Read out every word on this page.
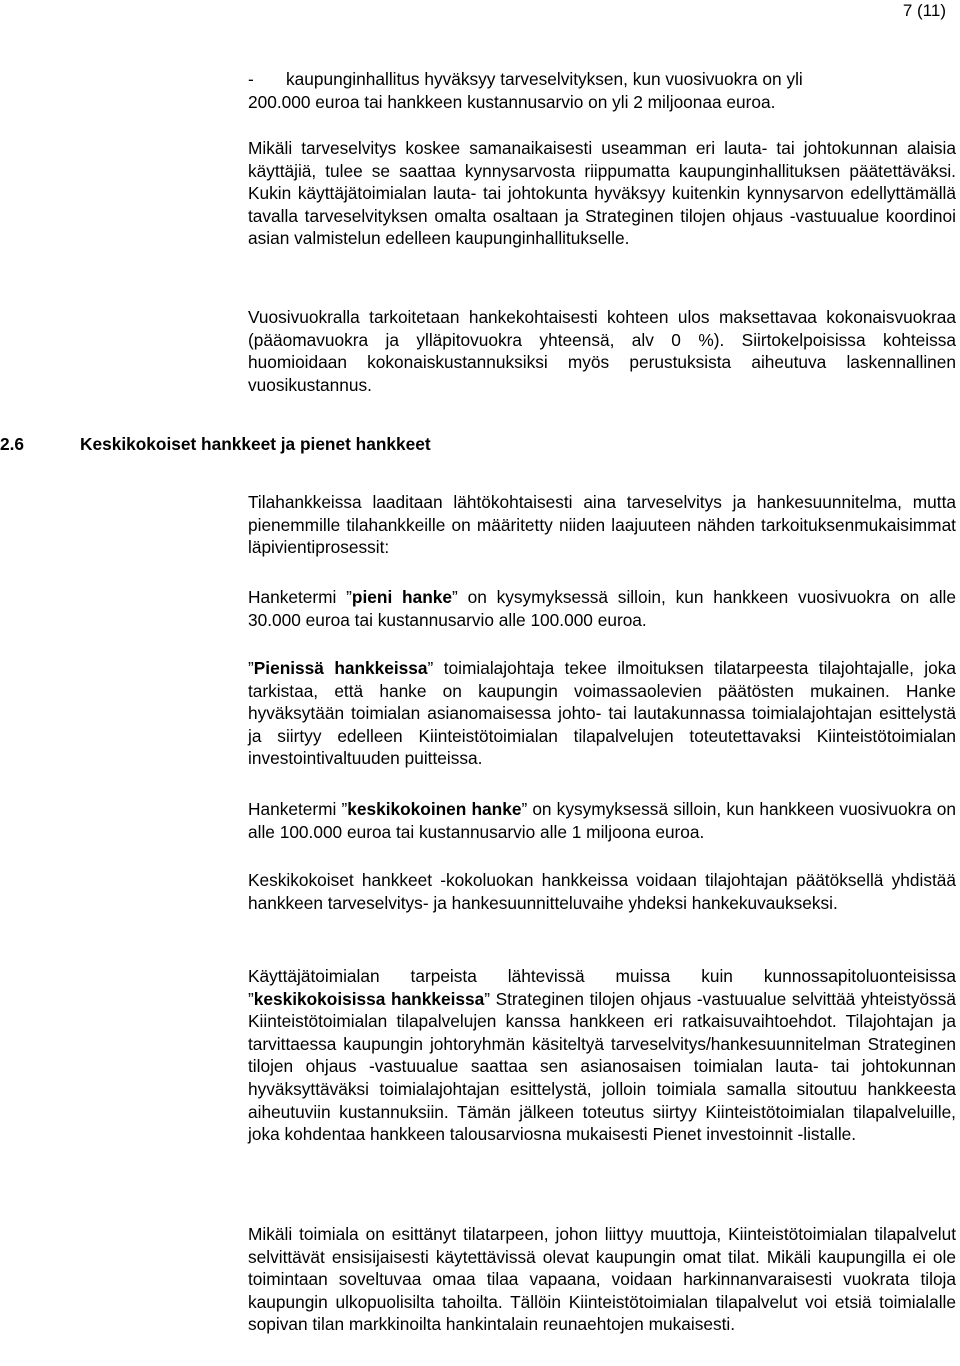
7 (11)
- kaupunginhallitus hyväksyy tarveselvityksen, kun vuosivuokra on yli
200.000 euroa tai hankkeen kustannusarvio on yli 2 miljoonaa euroa.

Mikäli tarveselvitys koskee samanaikaisesti useamman eri lauta- tai johtokunnan alaisia käyttäjiä, tulee se saattaa kynnysarvosta riippumatta kaupunginhallituksen päätettäväksi. Kukin käyttäjätoimialan lauta- tai johtokunta hyväksyy kuitenkin kynnysarvon edellyttämällä tavalla tarveselvityksen omalta osaltaan ja Strateginen tilojen ohjaus -vastuualue koordinoi asian valmistelun edelleen kaupunginhallitukselle.

Vuosivuokralla tarkoitetaan hankekohtaisesti kohteen ulos maksettavaa kokonaisvuokraa (pääomavuokra ja ylläpitovuokra yhteensä, alv 0 %). Siirtokelpoisissa kohteissa huomioidaan kokonaiskustannuksiksi myös perustuksista aiheutuva laskennallinen vuosikustannus.

2.6	Keskikokoiset hankkeet ja pienet hankkeet

Tilahankkeissa laaditaan lähtökohtaisesti aina tarveselvitys ja hankesuunnitelma, mutta pienemmille tilahankkeille on määritetty niiden laajuuteen nähden tarkoituksenmukaisimmat läpivientiprosessit:

Hanketermi ”pieni hanke” on kysymyksessä silloin, kun hankkeen vuosivuokra on alle 30.000 euroa tai kustannusarvio alle 100.000 euroa.

”Pienissä hankkeissa” toimialajohtaja tekee ilmoituksen tilatarpeesta tilajohtajalle, joka tarkistaa, että hanke on kaupungin voimassaolevien päätösten mukainen. Hanke hyväksytään toimialan asianomaisessa johto- tai lautakunnassa toimialajohtajan esittelystä ja siirtyy edelleen Kiinteistötoimialan tilapalvelujen toteutettavaksi Kiinteistötoimialan investointivaltuuden puitteissa.

Hanketermi ”keskikokoinen hanke” on kysymyksessä silloin, kun hankkeen vuosivuokra on alle 100.000 euroa tai kustannusarvio alle 1 miljoona euroa.

Keskikokoiset hankkeet -kokoluokan hankkeissa voidaan tilajohtajan päätöksellä yhdistää hankkeen tarveselvitys- ja hankesuunnitteluvaihe yhdeksi hankekuvaukseksi.

Käyttäjätoimialan tarpeista lähtevissä muissa kuin kunnossapitoluonteisissa ”keskikokoisissa hankkeissa” Strateginen tilojen ohjaus -vastuualue selvittää yhteistyössä Kiinteistötoimialan tilapalvelujen kanssa hankkeen eri ratkaisuvaihtoehdot. Tilajohtajan ja tarvittaessa kaupungin johtoryhmän käsiteltyä tarveselvitys/hankesuunnitelman Strateginen tilojen ohjaus -vastuualue saattaa sen asianosaisen toimialan lauta- tai johtokunnan hyväksyttäväksi toimialajohtajan esittelystä, jolloin toimiala samalla sitoutuu hankkeesta aiheutuviin kustannuksiin. Tämän jälkeen toteutus siirtyy Kiinteistötoimialan tilapalveluille, joka kohdentaa hankkeen talousarviosna mukaisesti Pienet investoinnit -listalle.

Mikäli toimiala on esittänyt tilatarpeen, johon liittyy muuttoja, Kiinteistötoimialan tilapalvelut selvittävät ensisijaisesti käytettävissä olevat kaupungin omat tilat. Mikäli kaupungilla ei ole toimintaan soveltuvaa omaa tilaa vapaana, voidaan harkinnanvaraisesti vuokrata tiloja kaupungin ulkopuolisilta tahoilta. Tällöin Kiinteistötoimialan tilapalvelut voi etsiä toimialalle sopivan tilan markkinoilta hankintalain reunaehtojen mukaisesti.
